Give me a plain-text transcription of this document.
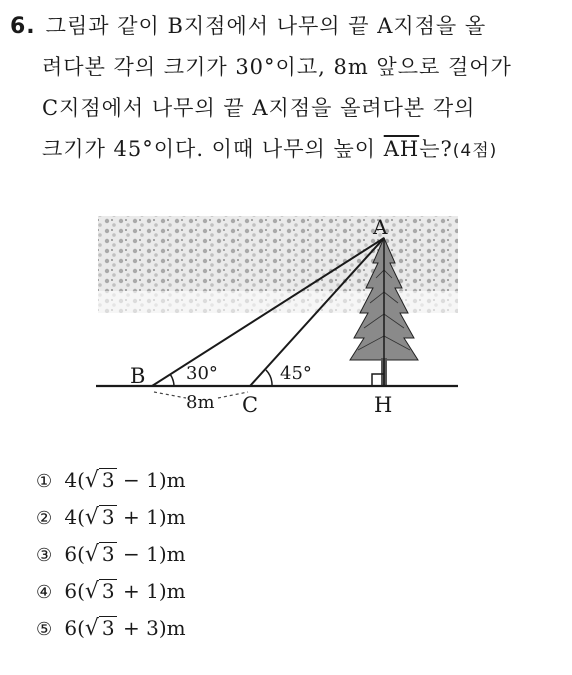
6. 그림과 같이 B지점에서 나무의 끝 A지점을 올
려다본 각의 크기가 30°이고, 8m 앞으로 걸어가
C지점에서 나무의 끝 A지점을 올려다본 각의
크기가 45°이다. 이때 나무의 높이 $\overline{AH}$는?(4점)
A
B
C	H
30°	45°
8m
① 4(√ 3 − 1)m
② 4(√ 3 + 1)m
③ 6(√ 3 − 1)m
④ 6(√ 3 + 1)m
⑤ 6(√ 3 + 3)m
